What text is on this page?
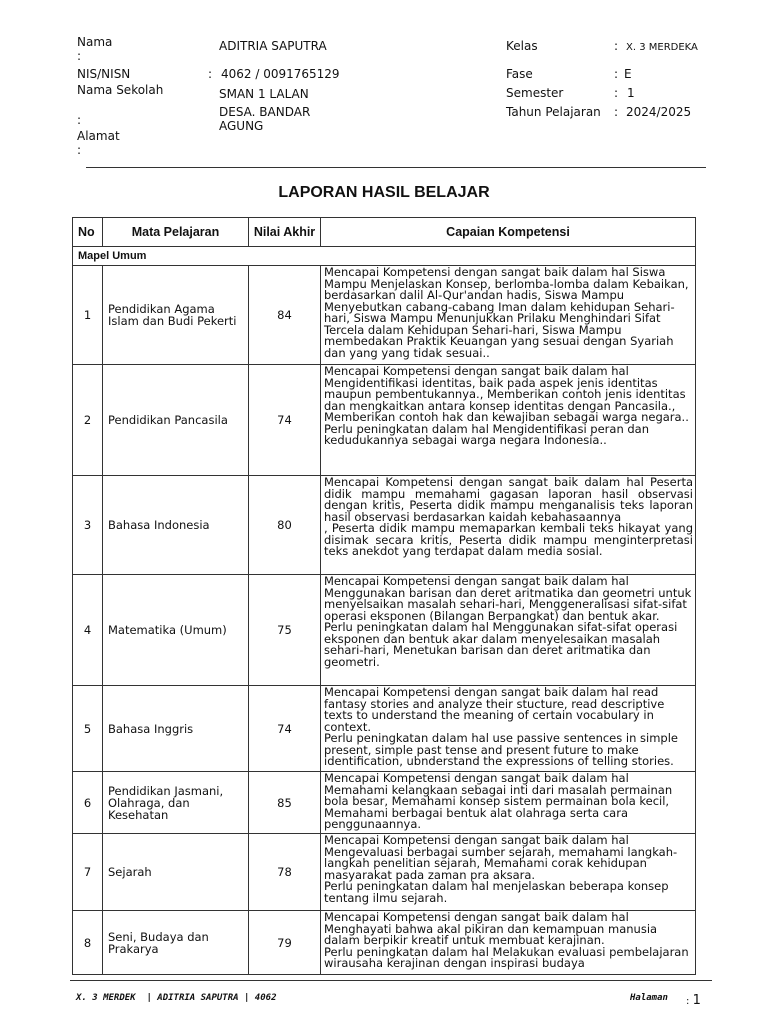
Nama
:
ADITRIA SAPUTRA	Kelas	: X. 3 MERDEKA
NIS/NISN	: 4062 / 0091765129	Fase	: E
Nama Sekolah
:
SMAN 1 LALAN	Semester	: 1
Alamat
:
DESA. BANDAR AGUNG
Tahun Pelajaran : 2024/2025
LAPORAN HASIL BELAJAR
No	Mata Pelajaran	Nilai Akhir	Capaian Kompetensi
Mapel Umum			
1	Pendidikan Agama Islam dan Budi Pekerti	84	Mencapai Kompetensi dengan sangat baik dalam hal Siswa Mampu Menjelaskan Konsep, berlomba-lomba dalam Kebaikan, berdasarkan dalil Al-Qur'andan hadis, Siswa Mampu Menyebutkan cabang-cabang Iman dalam kehidupan Sehari-hari, Siswa Mampu Menunjukkan Prilaku Menghindari Sifat Tercela dalam Kehidupan Sehari-hari, Siswa Mampu membedakan Praktik Keuangan yang sesuai dengan Syariah dan yang yang tidak sesuai..

2	Pendidikan Pancasila	74	Mencapai Kompetensi dengan sangat baik dalam hal Mengidentifikasi identitas, baik pada aspek jenis identitas maupun pembentukannya., Memberikan contoh jenis identitas dan mengkaitkan antara konsep identitas dengan Pancasila., Memberikan contoh hak dan kewajiban sebagai warga negara..
Perlu peningkatan dalam hal Mengidentifikasi peran dan kedudukannya sebagai warga negara Indonesia..

3	Bahasa Indonesia	80	Mencapai Kompetensi dengan sangat baik dalam hal Peserta didik mampu memahami gagasan laporan hasil observasi dengan kritis, Peserta didik mampu menganalisis teks laporan hasil observasi berdasarkan kaidah kebahasaannya
, Peserta didik mampu memaparkan kembali teks hikayat yang disimak secara kritis, Peserta didik mampu menginterpretasi teks anekdot yang terdapat dalam media sosial.

4	Matematika (Umum)	75	Mencapai Kompetensi dengan sangat baik dalam hal Menggunakan barisan dan deret aritmatika dan geometri untuk menyelsaikan masalah sehari-hari, Menggeneralisasi sifat-sifat operasi eksponen (Bilangan Berpangkat) dan bentuk akar.
Perlu peningkatan dalam hal Menggunakan sifat-sifat operasi eksponen dan bentuk akar dalam menyelesaikan masalah sehari-hari, Menetukan barisan dan deret aritmatika dan geometri.

5	Bahasa Inggris	74	Mencapai Kompetensi dengan sangat baik dalam hal read fantasy stories and analyze their stucture, read descriptive texts to understand the meaning of certain vocabulary in context.
Perlu peningkatan dalam hal use passive sentences in simple present, simple past tense and present future to make identification, ubnderstand the expressions of telling stories.

6	Pendidikan Jasmani, Olahraga, dan Kesehatan	85	Mencapai Kompetensi dengan sangat baik dalam hal Memahami kelangkaan sebagai inti dari masalah permainan bola besar, Memahami konsep sistem permainan bola kecil, Memahami berbagai bentuk alat olahraga serta cara penggunaannya.

7	Sejarah	78	Mencapai Kompetensi dengan sangat baik dalam hal Mengevaluasi berbagai sumber sejarah, memahami langkah-langkah penelitian sejarah, Memahami corak kehidupan masyarakat pada zaman pra aksara.
Perlu peningkatan dalam hal menjelaskan beberapa konsep tentang ilmu sejarah.

8	Seni, Budaya dan Prakarya	79	Mencapai Kompetensi dengan sangat baik dalam hal Menghayati bahwa akal pikiran dan kemampuan manusia dalam berpikir kreatif untuk membuat kerajinan.
Perlu peningkatan dalam hal Melakukan evaluasi pembelajaran wirausaha kerajinan dengan inspirasi budaya
X. 3 MERDEK  | ADITRIA SAPUTRA | 4062	Halaman : 1
